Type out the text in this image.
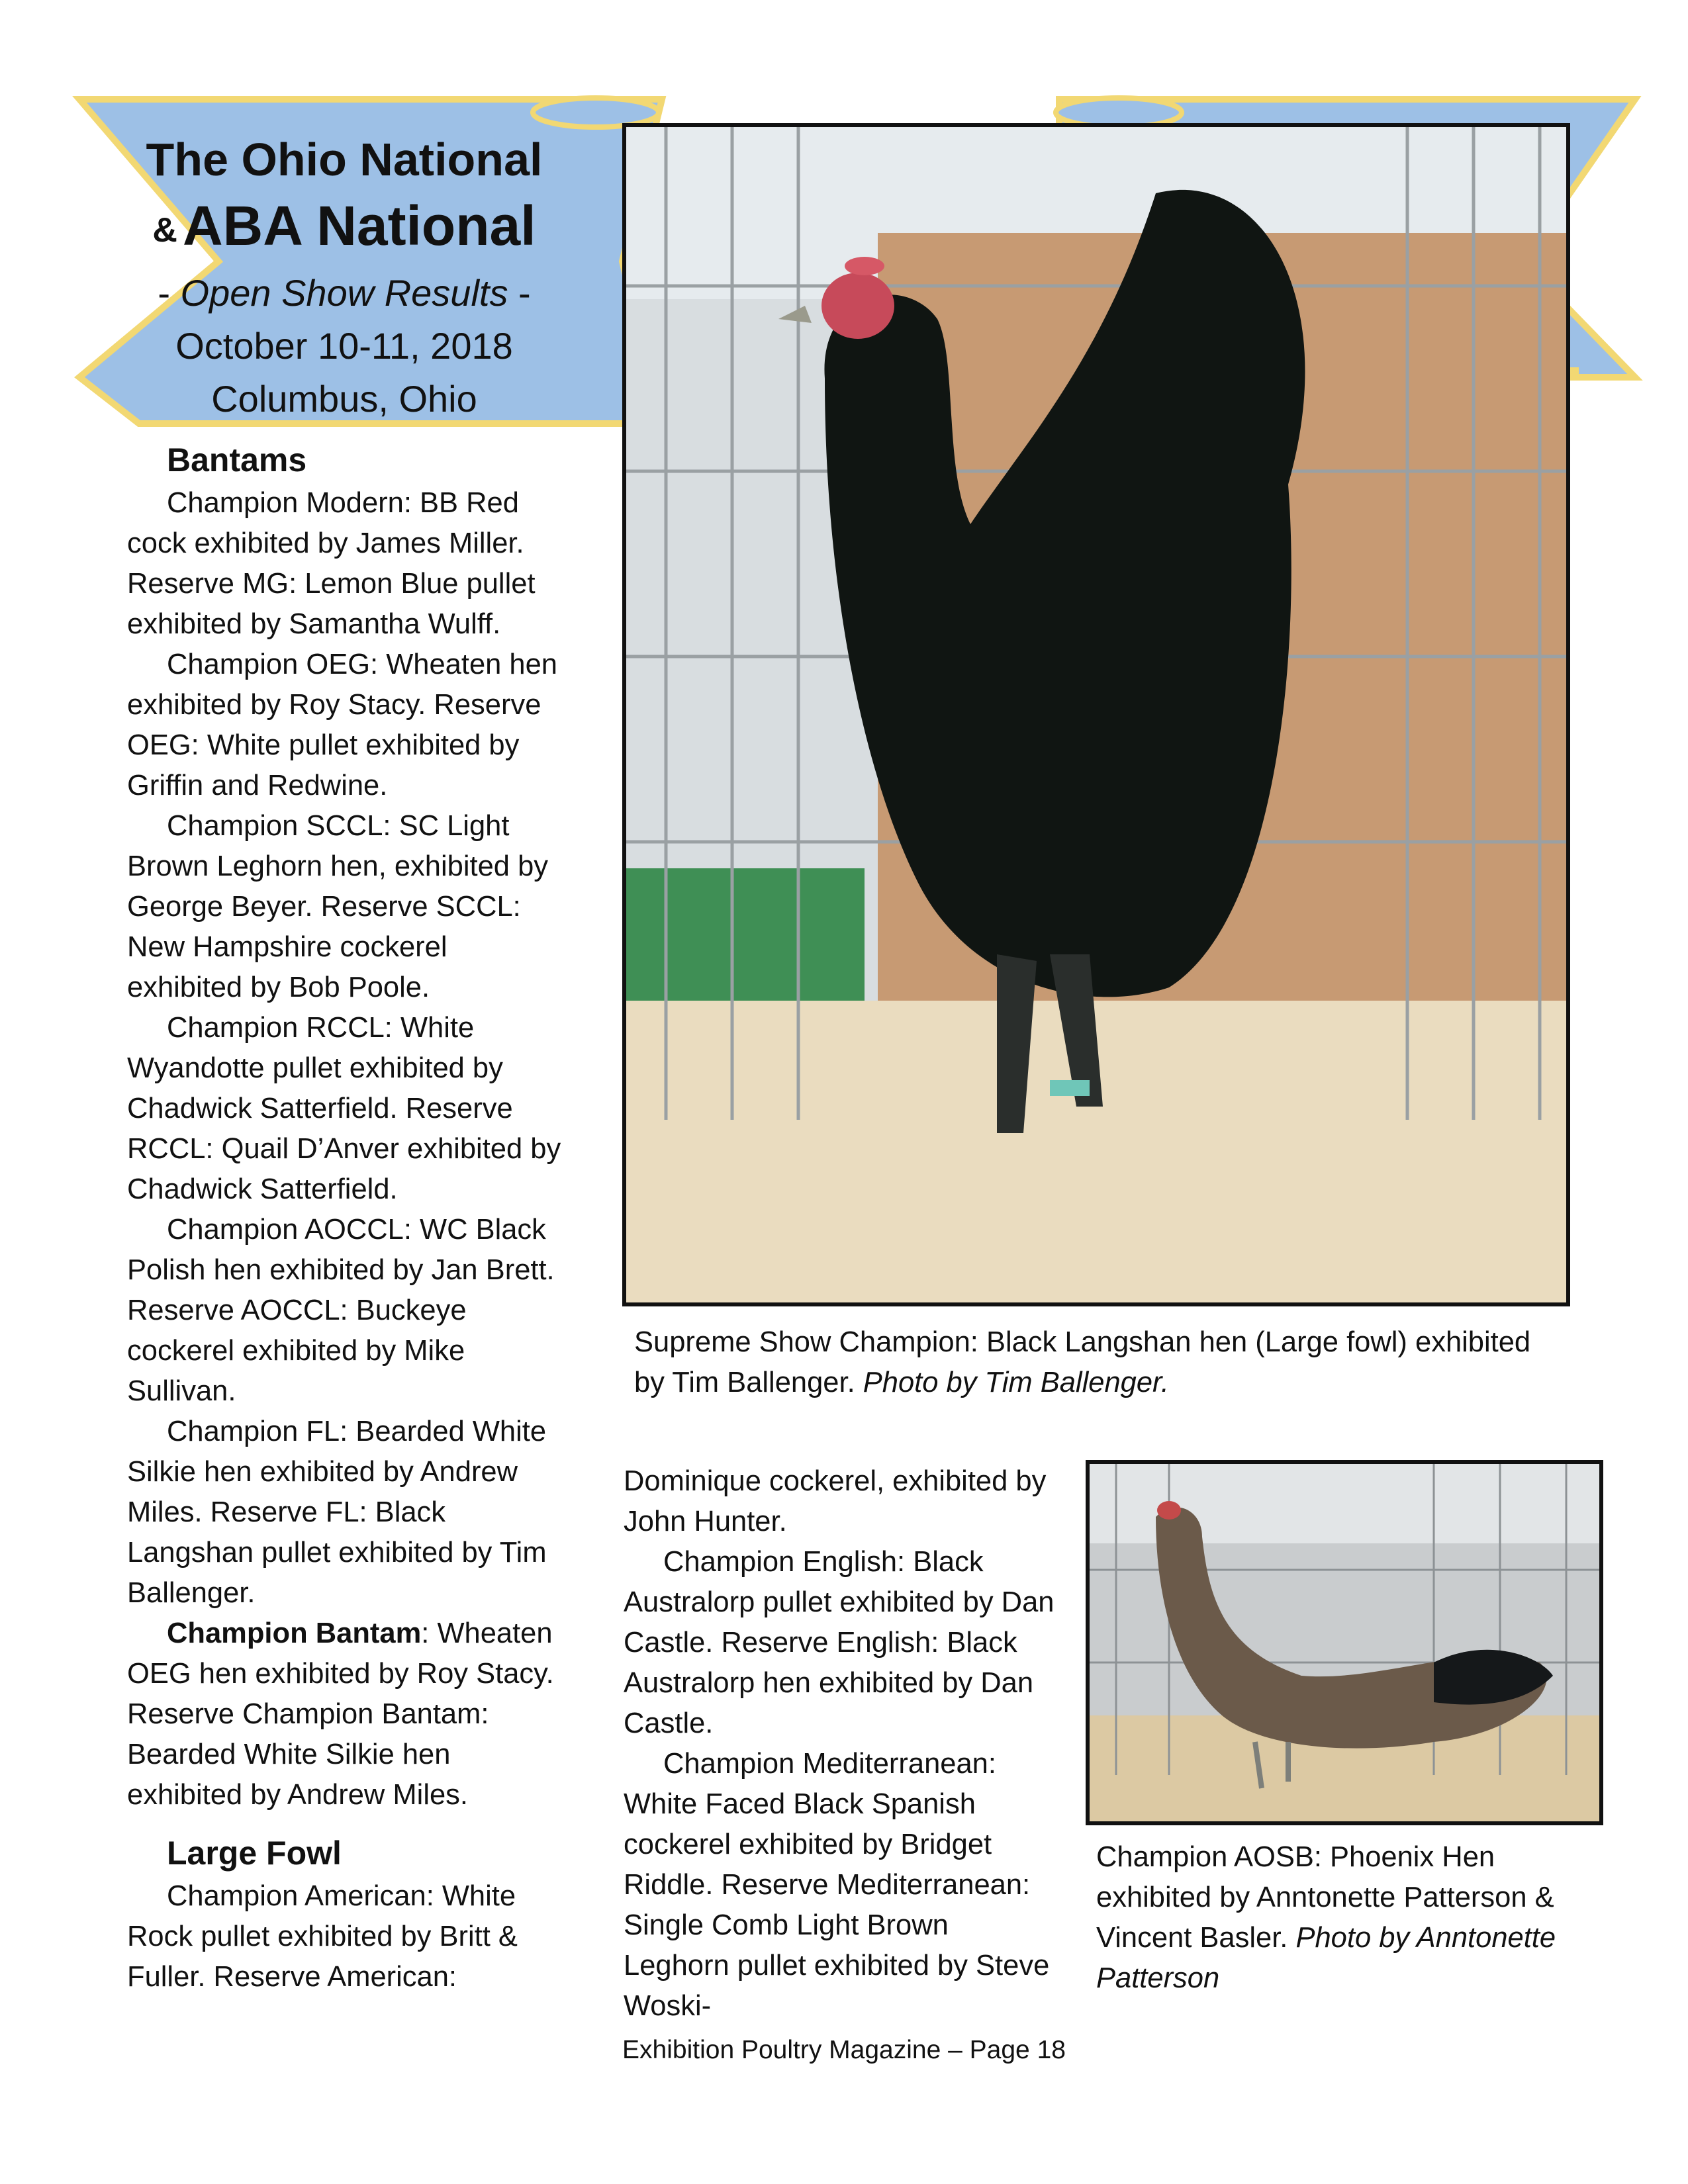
The Ohio National
&ABA National
- Open Show Results -
October 10-11, 2018
Columbus, Ohio
Bantams

Champion Modern: BB Red cock exhibited by James Miller. Reserve MG: Lemon Blue pullet exhibited by Samantha Wulff.

Champion OEG: Wheaten hen exhibited by Roy Stacy. Reserve OEG: White pullet exhibited by Griffin and Redwine.

Champion SCCL: SC Light Brown Leghorn hen, exhibited by George Beyer. Reserve SCCL: New Hampshire cockerel exhibited by Bob Poole.

Champion RCCL: White Wyandotte pullet exhibited by Chadwick Satterfield. Reserve RCCL: Quail D’Anver exhibited by Chadwick Satterfield.

Champion AOCCL: WC Black Polish hen exhibited by Jan Brett. Reserve AOCCL: Buckeye cockerel exhibited by Mike Sullivan.

Champion FL: Bearded White Silkie hen exhibited by Andrew Miles. Reserve FL: Black Langshan pullet exhibited by Tim Ballenger.

Champion Bantam: Wheaten OEG hen exhibited by Roy Stacy. Reserve Champion Bantam: Bearded White Silkie hen exhibited by Andrew Miles.

Large Fowl

Champion American: White Rock pullet exhibited by Britt & Fuller. Reserve American:

Dominique cockerel, exhibited by John Hunter.

Champion English: Black Australorp pullet exhibited by Dan Castle. Reserve English: Black Australorp hen exhibited by Dan Castle.

Champion Mediterranean: White Faced Black Spanish cockerel exhibited by Bridget Riddle. Reserve Mediterranean: Single Comb Light Brown Leghorn pullet exhibited by Steve Woski-

Supreme Show Champion: Black Langshan hen (Large fowl) exhibited by Tim Ballenger. Photo by Tim Ballenger.
Champion AOSB: Phoenix Hen exhibited by Anntonette Patterson & Vincent Basler. Photo by Anntonette Patterson
Exhibition Poultry Magazine – Page 18
